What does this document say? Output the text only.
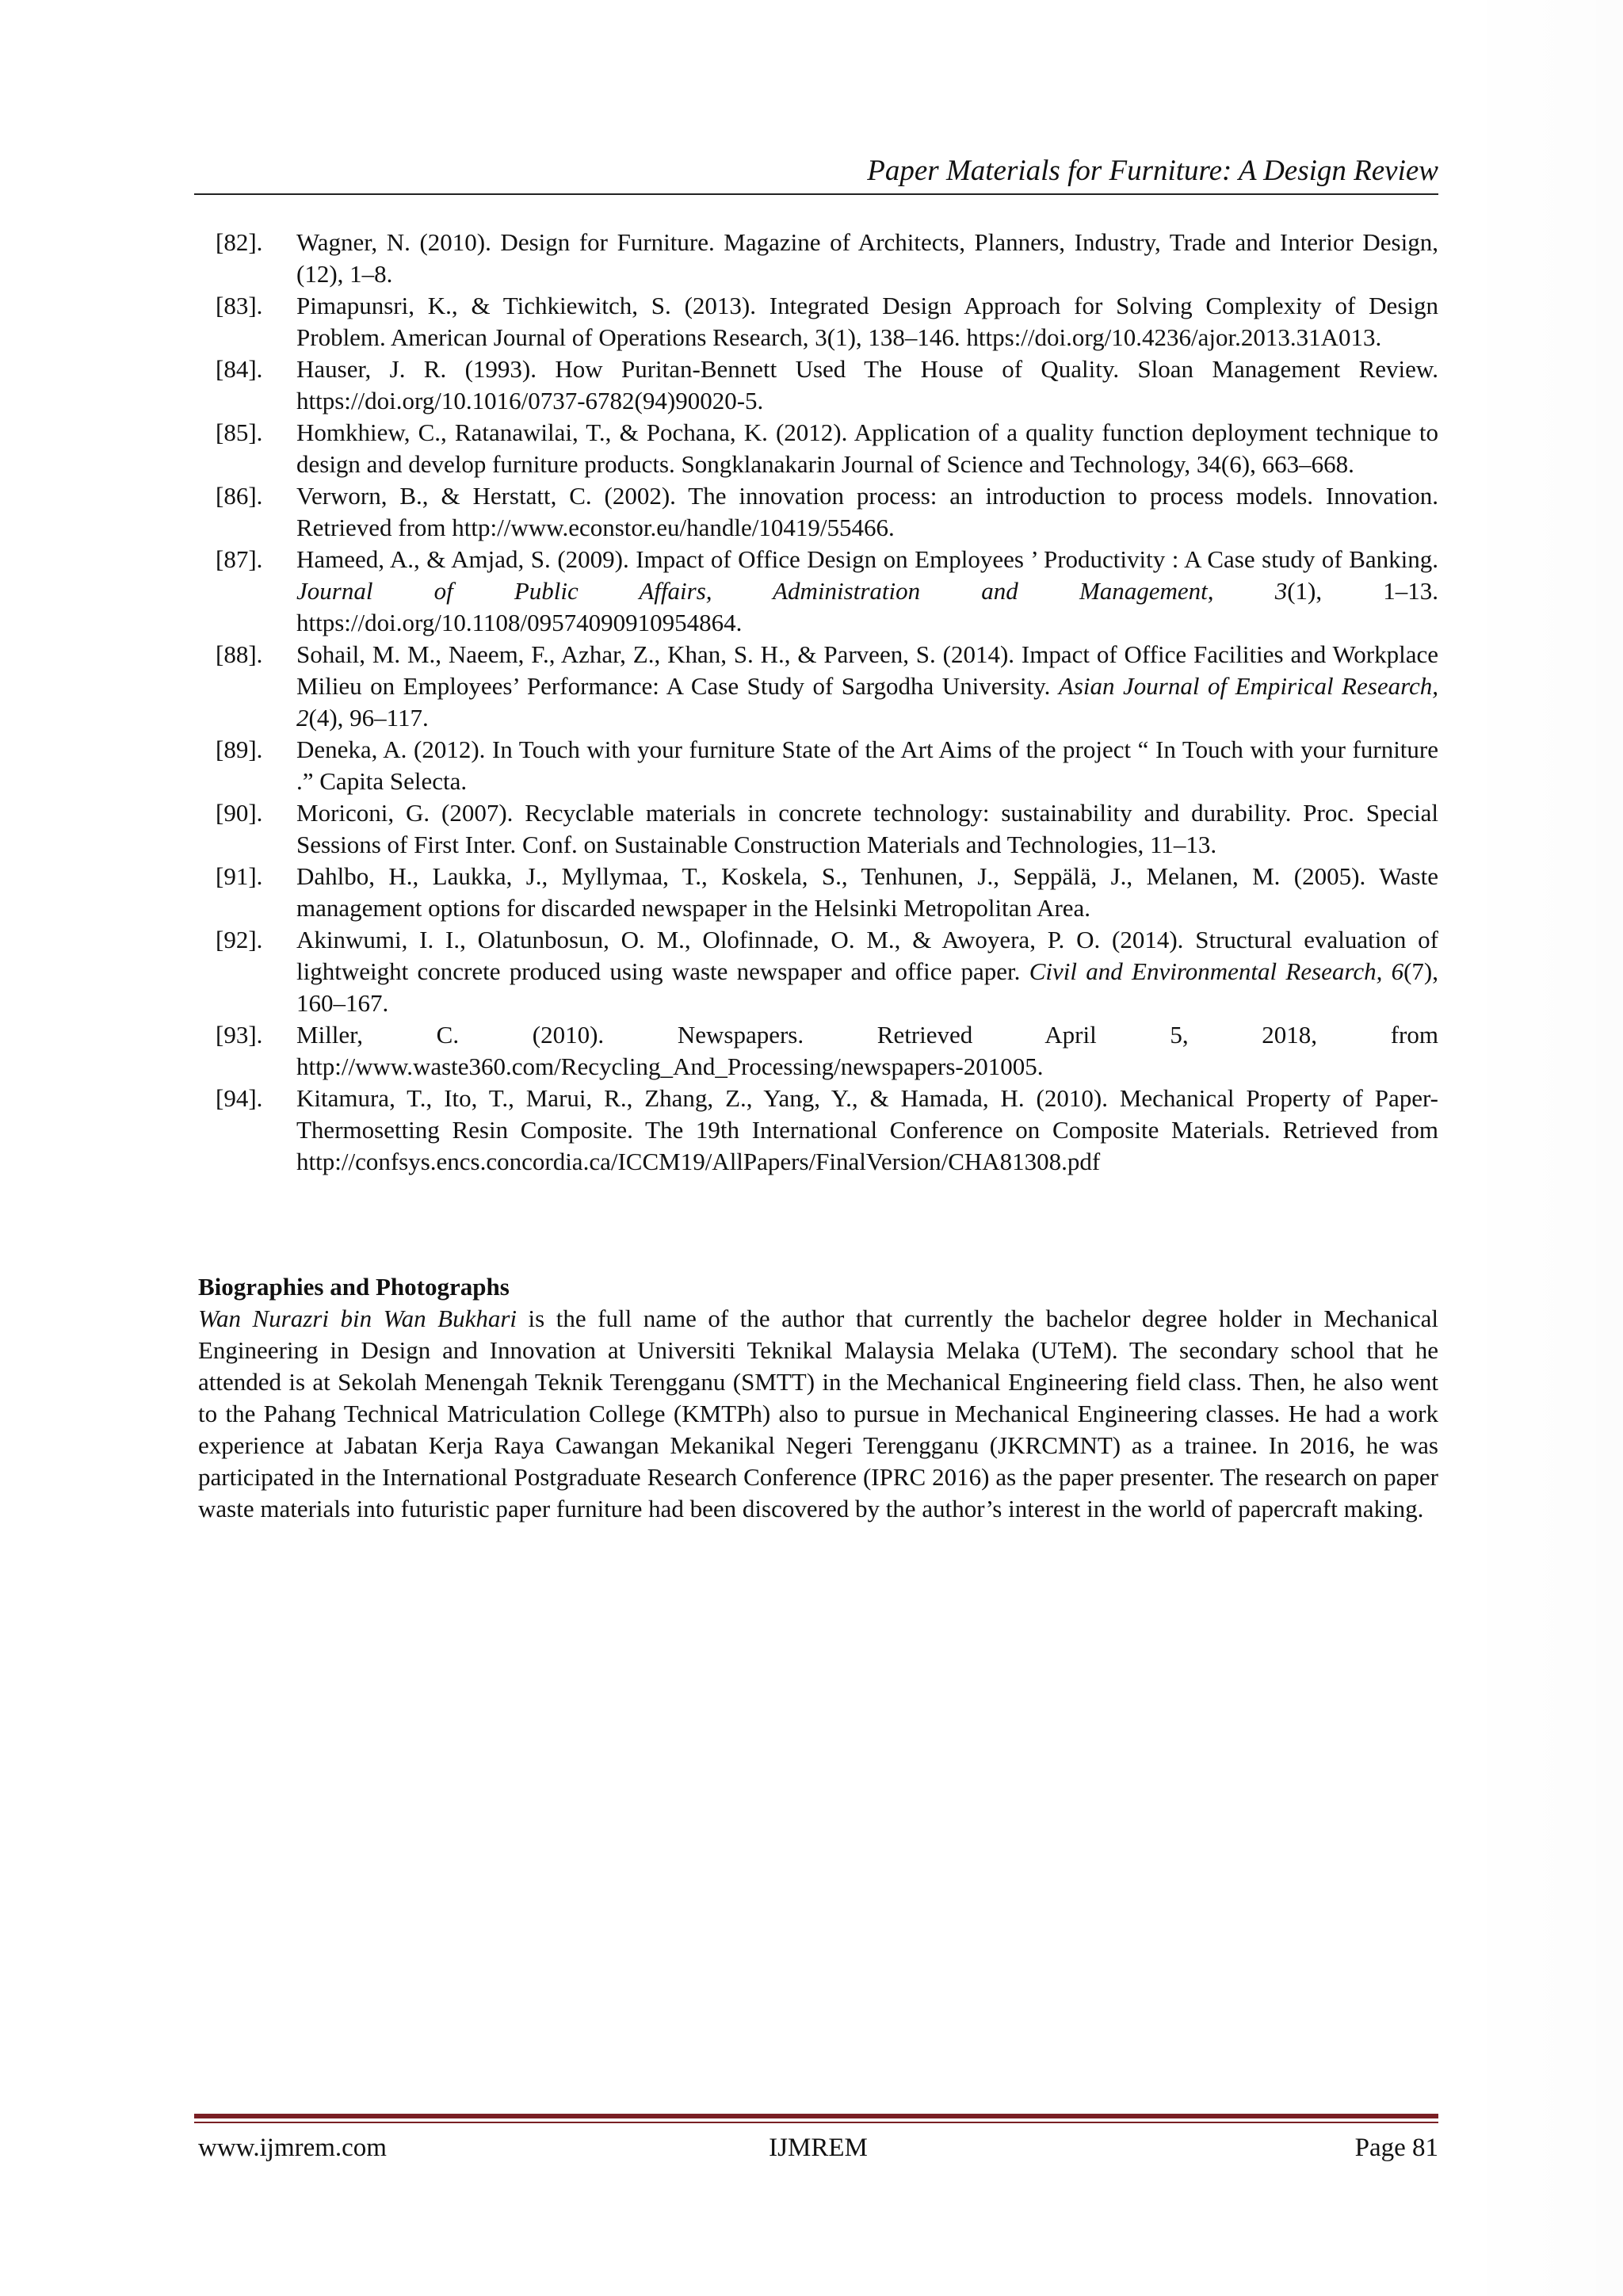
Paper Materials for Furniture: A Design Review
[82]. Wagner, N. (2010). Design for Furniture. Magazine of Architects, Planners, Industry, Trade and Interior Design, (12), 1–8.
[83]. Pimapunsri, K., & Tichkiewitch, S. (2013). Integrated Design Approach for Solving Complexity of Design Problem. American Journal of Operations Research, 3(1), 138–146. https://doi.org/10.4236/ajor.2013.31A013.
[84]. Hauser, J. R. (1993). How Puritan-Bennett Used The House of Quality. Sloan Management Review. https://doi.org/10.1016/0737-6782(94)90020-5.
[85]. Homkhiew, C., Ratanawilai, T., & Pochana, K. (2012). Application of a quality function deployment technique to design and develop furniture products. Songklanakarin Journal of Science and Technology, 34(6), 663–668.
[86]. Verworn, B., & Herstatt, C. (2002). The innovation process: an introduction to process models. Innovation. Retrieved from http://www.econstor.eu/handle/10419/55466.
[87]. Hameed, A., & Amjad, S. (2009). Impact of Office Design on Employees ’ Productivity : A Case study of Banking. Journal of Public Affairs, Administration and Management, 3(1), 1–13. https://doi.org/10.1108/09574090910954864.
[88]. Sohail, M. M., Naeem, F., Azhar, Z., Khan, S. H., & Parveen, S. (2014). Impact of Office Facilities and Workplace Milieu on Employees’ Performance: A Case Study of Sargodha University. Asian Journal of Empirical Research, 2(4), 96–117.
[89]. Deneka, A. (2012). In Touch with your furniture State of the Art Aims of the project “ In Touch with your furniture .” Capita Selecta.
[90]. Moriconi, G. (2007). Recyclable materials in concrete technology: sustainability and durability. Proc. Special Sessions of First Inter. Conf. on Sustainable Construction Materials and Technologies, 11–13.
[91]. Dahlbo, H., Laukka, J., Myllymaa, T., Koskela, S., Tenhunen, J., Seppälä, J., Melanen, M. (2005). Waste management options for discarded newspaper in the Helsinki Metropolitan Area.
[92]. Akinwumi, I. I., Olatunbosun, O. M., Olofinnade, O. M., & Awoyera, P. O. (2014). Structural evaluation of lightweight concrete produced using waste newspaper and office paper. Civil and Environmental Research, 6(7), 160–167.
[93]. Miller, C. (2010). Newspapers. Retrieved April 5, 2018, from http://www.waste360.com/Recycling_And_Processing/newspapers-201005.
[94]. Kitamura, T., Ito, T., Marui, R., Zhang, Z., Yang, Y., & Hamada, H. (2010). Mechanical Property of Paper-Thermosetting Resin Composite. The 19th International Conference on Composite Materials. Retrieved from http://confsys.encs.concordia.ca/ICCM19/AllPapers/FinalVersion/CHA81308.pdf
Biographies and Photographs
Wan Nurazri bin Wan Bukhari is the full name of the author that currently the bachelor degree holder in Mechanical Engineering in Design and Innovation at Universiti Teknikal Malaysia Melaka (UTeM). The secondary school that he attended is at Sekolah Menengah Teknik Terengganu (SMTT) in the Mechanical Engineering field class. Then, he also went to the Pahang Technical Matriculation College (KMTPh) also to pursue in Mechanical Engineering classes. He had a work experience at Jabatan Kerja Raya Cawangan Mekanikal Negeri Terengganu (JKRCMNT) as a trainee. In 2016, he was participated in the International Postgraduate Research Conference (IPRC 2016) as the paper presenter. The research on paper waste materials into futuristic paper furniture had been discovered by the author’s interest in the world of papercraft making.
www.ijmrem.com	IJMREM	Page 81
